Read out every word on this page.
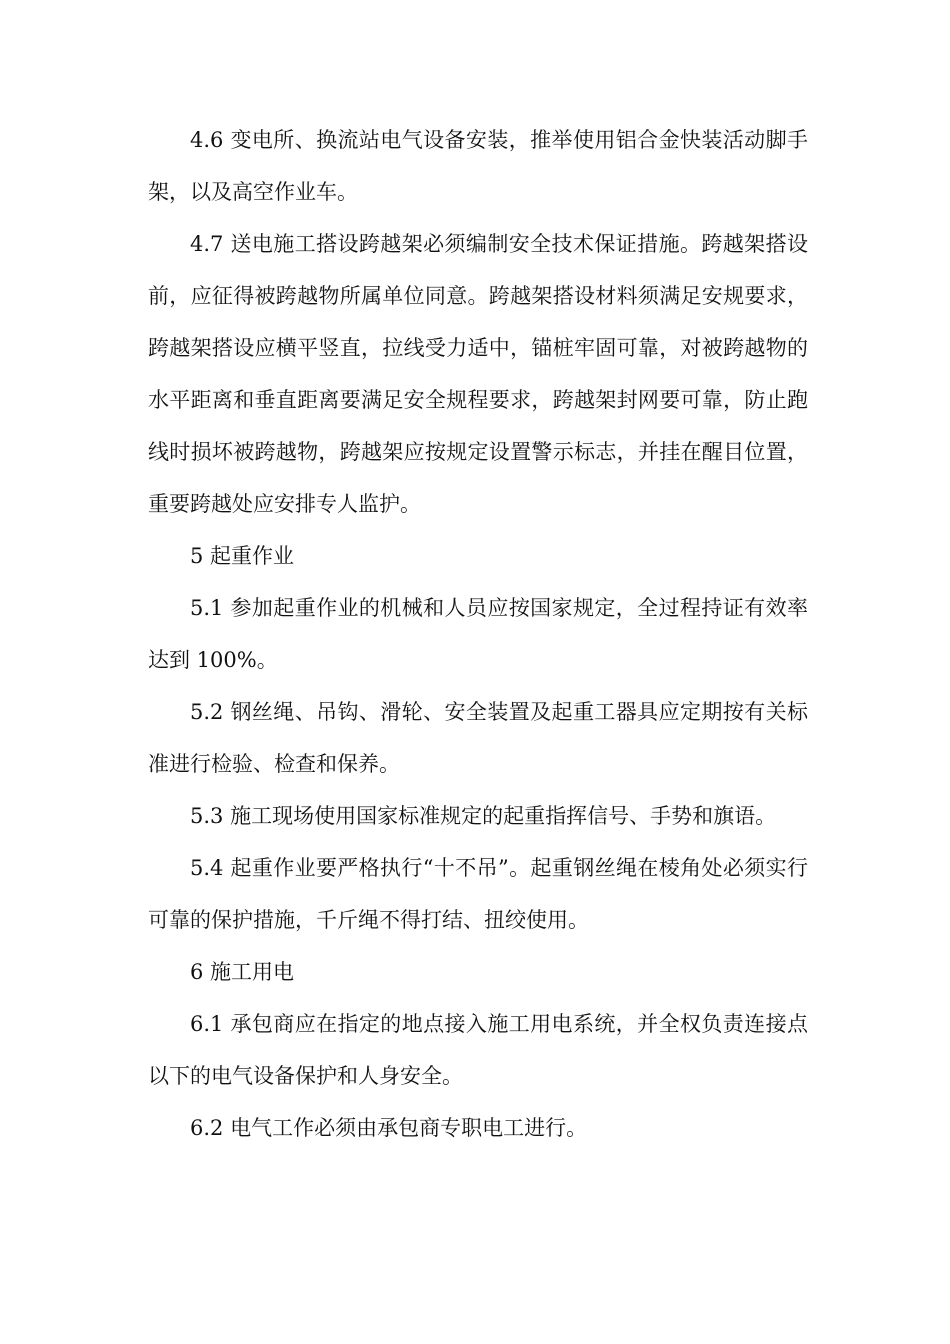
4.6 变电所、换流站电气设备安装，推举使用铝合金快装活动脚手架，以及高空作业车。

4.7 送电施工搭设跨越架必须编制安全技术保证措施。跨越架搭设前，应征得被跨越物所属单位同意。跨越架搭设材料须满足安规要求，跨越架搭设应横平竖直，拉线受力适中，锚桩牢固可靠，对被跨越物的水平距离和垂直距离要满足安全规程要求，跨越架封网要可靠，防止跑线时损坏被跨越物，跨越架应按规定设置警示标志，并挂在醒目位置，重要跨越处应安排专人监护。

5 起重作业

5.1 参加起重作业的机械和人员应按国家规定，全过程持证有效率达到 100%。

5.2 钢丝绳、吊钩、滑轮、安全装置及起重工器具应定期按有关标准进行检验、检查和保养。

5.3 施工现场使用国家标准规定的起重指挥信号、手势和旗语。

5.4 起重作业要严格执行“十不吊”。起重钢丝绳在棱角处必须实行可靠的保护措施，千斤绳不得打结、扭绞使用。

6 施工用电

6.1 承包商应在指定的地点接入施工用电系统，并全权负责连接点以下的电气设备保护和人身安全。

6.2 电气工作必须由承包商专职电工进行。
